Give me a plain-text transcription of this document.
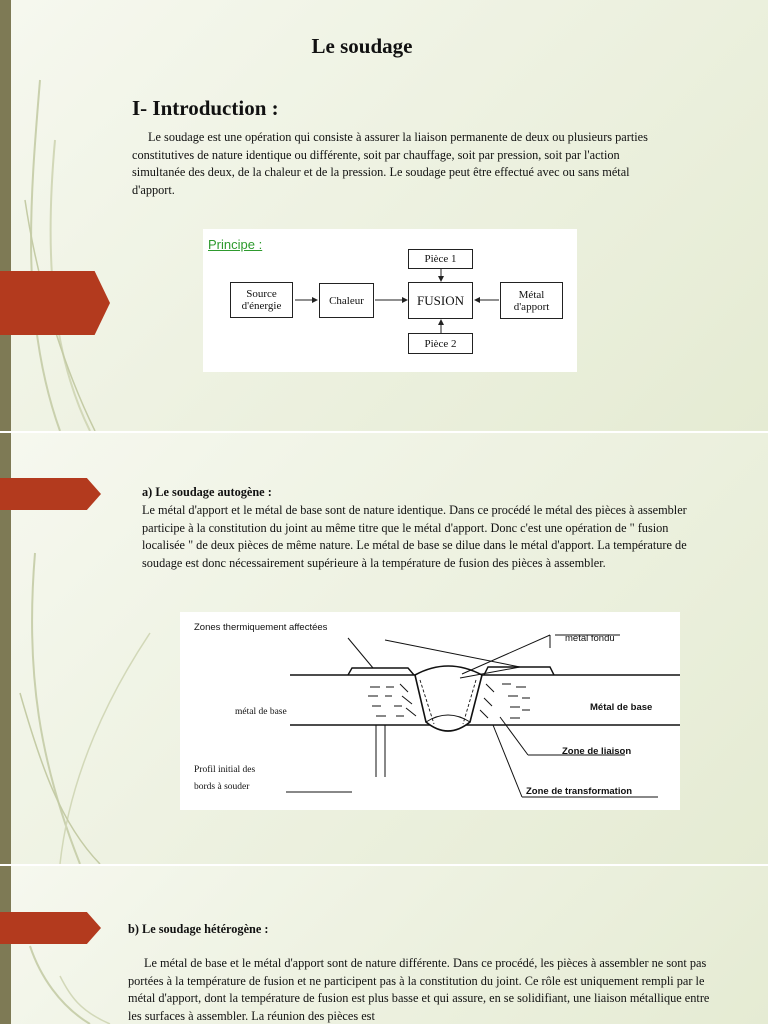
Le soudage
I- Introduction :
Le soudage est une opération qui consiste à assurer la liaison permanente de deux ou plusieurs parties constitutives de nature identique ou différente, soit par chauffage, soit par pression, soit par l'action simultanée des deux, de la chaleur et de la pression. Le soudage peut être effectué avec ou sans métal d'apport.
Principe :
Source
d'énergie	Chaleur	FUSION	Métal
d'apport
Pièce 1
Pièce 2
a) Le soudage autogène :
Le métal d'apport et le métal de base sont de nature identique. Dans ce procédé le métal des pièces à assembler participe à la constitution du joint au même titre que le métal d'apport. Donc c'est une opération de " fusion localisée " de deux pièces de même nature. Le métal de base se dilue dans le métal d'apport. La température de soudage est donc nécessairement supérieure à la température de fusion des pièces à assembler.
Zones thermiquement affectées
métal fondu
métal de base	Métal de base
Profil initial des
bords à souder
Zone de liaison
Zone de transformation
b) Le soudage hétérogène :
Le métal de base et le métal d'apport sont de nature différente. Dans ce procédé, les pièces à assembler ne sont pas portées à la température de fusion et ne participent pas à la constitution du joint. Ce rôle est uniquement rempli par le métal d'apport, dont la température de fusion est plus basse et qui assure, en se solidifiant, une liaison métallique entre les surfaces à assembler. La réunion des pièces est
